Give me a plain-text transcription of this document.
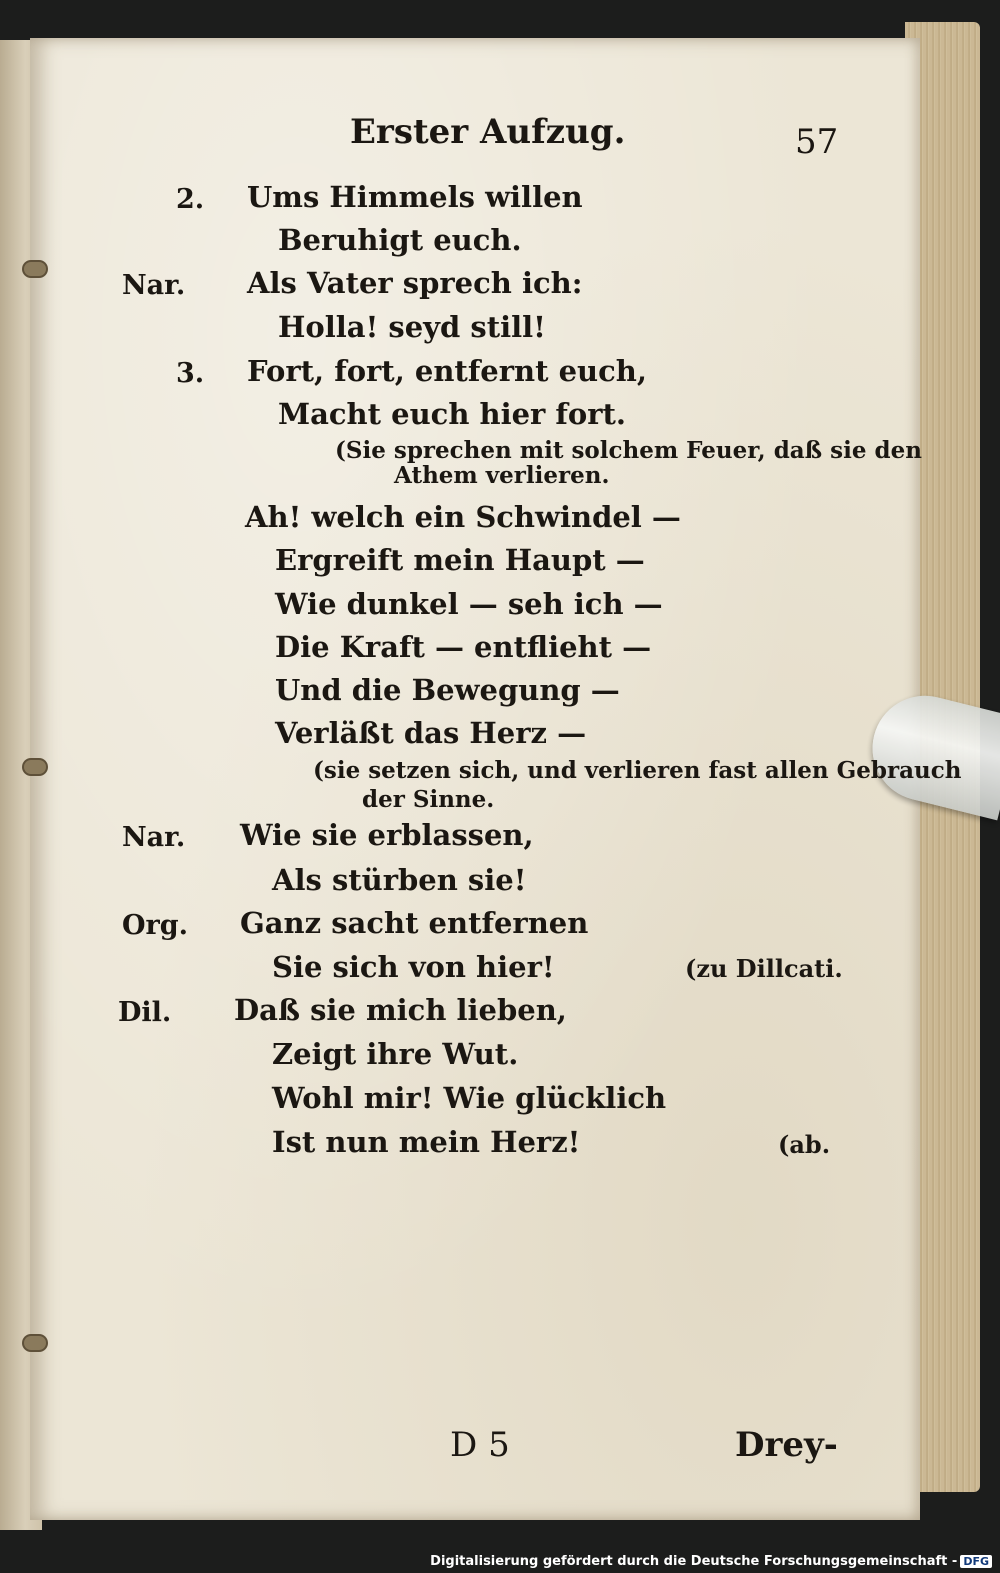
Erster Aufzug.	57
2. Ums Himmels willen
Beruhigt euch.
Nar. Als Vater sprech ich:
Holla! seyd still!
3. Fort, fort, entfernt euch,
Macht euch hier fort.
(Sie sprechen mit solchem Feuer, daß sie den
Athem verlieren.
Ah! welch ein Schwindel —
Ergreift mein Haupt —
Wie dunkel — seh ich —
Die Kraft — entflieht —
Und die Bewegung —
Verläßt das Herz —
(sie setzen sich, und verlieren fast allen Gebrauch
der Sinne.
Nar. Wie sie erblassen,
Als stürben sie!
Org. Ganz sacht entfernen
Sie sich von hier!	(zu Dillcati.
Dil. Daß sie mich lieben,
Zeigt ihre Wut.
Wohl mir! Wie glücklich
Ist nun mein Herz!	(ab.
D 5	Drey-
Digitalisierung gefördert durch die Deutsche Forschungsgemeinschaft - DFG
